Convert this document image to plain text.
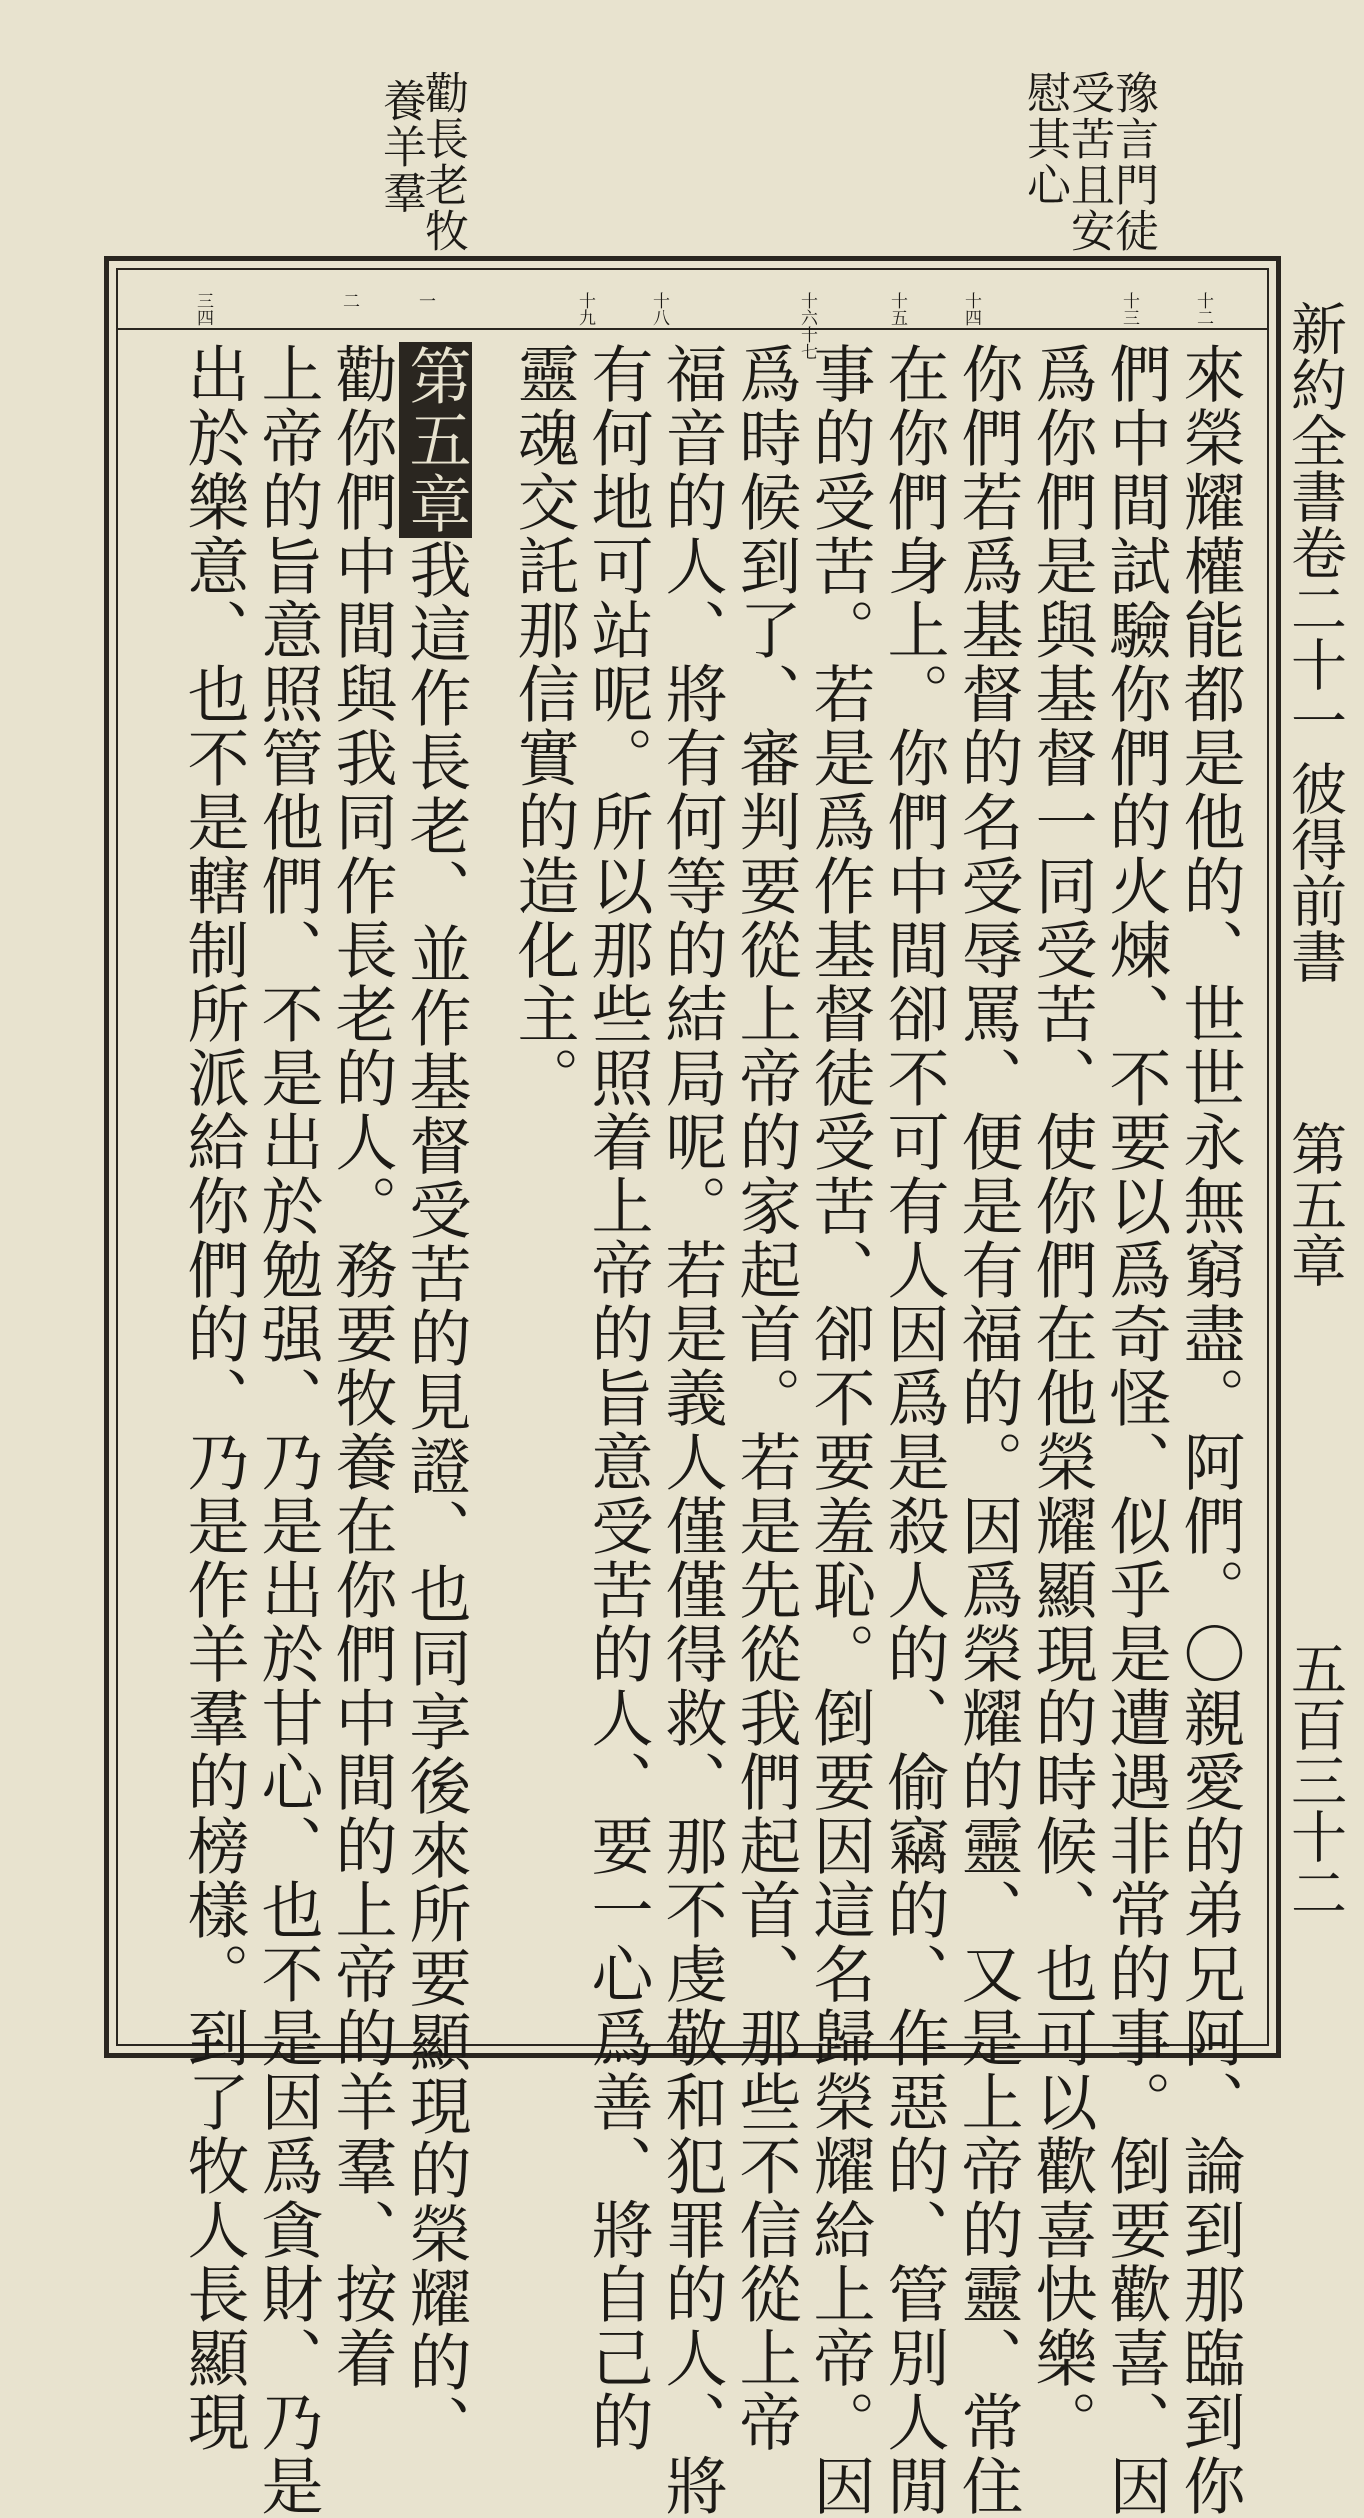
豫言門徒
受苦且安
慰其心
勸長老牧
養羊羣
新約全書卷二十一
彼得前書
第五章
五百三十二
十二
十三
十四
十五
十六十七
十八
十九
一
二
三四
來榮耀權能都是他的、世世永無窮盡。阿們。〇親愛的弟兄阿、論到那臨到你
們中間試驗你們的火煉、不要以爲奇怪、似乎是遭遇非常的事。倒要歡喜、因
爲你們是與基督一同受苦、使你們在他榮耀顯現的時候、也可以歡喜快樂。
你們若爲基督的名受辱罵、便是有福的。因爲榮耀的靈、又是上帝的靈、常住
在你們身上。你們中間卻不可有人因爲是殺人的、偷竊的、作惡的、管別人閒
事的受苦。若是爲作基督徒受苦、卻不要羞恥。倒要因這名歸榮耀給上帝。因
爲時候到了、審判要從上帝的家起首。若是先從我們起首、那些不信從上帝
福音的人、將有何等的結局呢。若是義人僅僅得救、那不虔敬和犯罪的人、將
有何地可站呢。所以那些照着上帝的旨意受苦的人、要一心爲善、將自己的
靈魂交託那信實的造化主。
第五章我這作長老、並作基督受苦的見證、也同享後來所要顯現的榮耀的、
勸你們中間與我同作長老的人。務要牧養在你們中間的上帝的羊羣、按着
上帝的旨意照管他們、不是出於勉强、乃是出於甘心、也不是因爲貪財、乃是
出於樂意、也不是轄制所派給你們的、乃是作羊羣的榜樣。到了牧人長顯現
